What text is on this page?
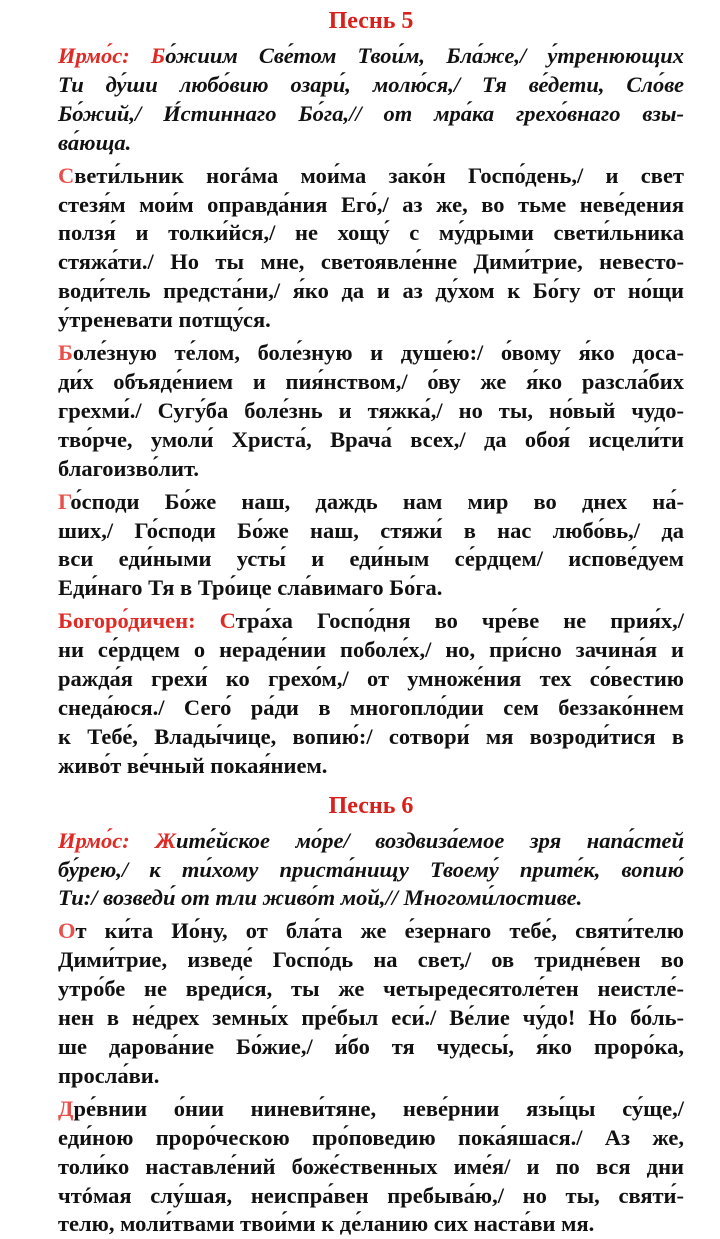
Песнь 5
Ирмо́с: Бо́жиим Све́том Твои́м, Бла́же,/ у́тренюющих
Ти ду́ши любо́вию озари́, молю́ся,/ Тя ве́дети, Сло́ве
Бо́жий,/ И́стиннаго Бо́га,// от мра́ка грехо́внаго взы-
ва́юща.
Свети́льник ногáма мои́ма зако́н Госпо́день,/ и свет
стезя́м мои́м оправда́ния Его́,/ аз же, во тьме неве́дения
ползя́ и толки́йся,/ не хощу́ с му́дрыми свети́льника
стяжа́ти./ Но ты мне, светоявле́нне Дими́трие, невесто-
води́тель предста́ни,/ я́ко да и аз ду́хом к Бо́гу от но́щи
у́треневати потщу́ся.
Боле́зную те́лом, боле́зную и душе́ю:/ о́вому я́ко доса-
ди́х объяде́нием и пия́нством,/ о́ву же я́ко разсла́бих
грехми́./ Сугу́ба боле́знь и тяжка́,/ но ты, но́вый чудо-
тво́рче, умоли́ Христа́, Врача́ всех,/ да обоя́ исцели́ти
благоизво́лит.
Го́споди Бо́же наш, даждь нам мир во днех на́-
ших,/ Го́споди Бо́же наш, стяжи́ в нас любо́вь,/ да
вси еди́ными усты́ и еди́ным се́рдцем/ испове́дуем
Еди́наго Тя в Тро́ице сла́вимаго Бо́га.
Богоро́дичен: Стра́ха Госпо́дня во чре́ве не прия́х,/
ни се́рдцем о нераде́нии поболе́х,/ но, при́сно зачина́я и
ражда́я грехи́ ко грехо́м,/ от умноже́ния тех со́вестию
снеда́юся./ Сего́ ра́ди в многопло́дии сем беззако́ннем
к Тебе́, Влады́чице, вопию́:/ сотвори́ мя возроди́тися в
живо́т ве́чный покая́нием.
Песнь 6
Ирмо́с: Жите́йское мо́ре/ воздвиза́емое зря напа́стей
бу́рею,/ к ти́хому приста́нищу Твоему́ прите́к, вопию́
Ти:/ возведи́ от тли живо́т мой,// Многоми́лостиве.
От ки́та Ио́ну, от бла́та же е́зернаго тебе́, святи́телю
Дими́трие, изведе́ Госпо́дь на свет,/ ов тридне́вен во
утро́бе не вреди́ся, ты же четыредесятоле́тен неистле́-
нен в не́дрех земны́х пре́был еси́./ Ве́лие чу́до! Но бо́ль-
ше дарова́ние Бо́жие,/ и́бо тя чудесы́, я́ко проро́ка,
просла́ви.
Дре́внии о́нии ниневи́тяне, неве́рнии язы́цы су́ще,/
еди́ною проро́ческою про́поведию пока́яшася./ Аз же,
толи́ко наставле́ний боже́ственных име́я/ и по вся дни
чтóмая слу́шая, неиспра́вен пребыва́ю,/ но ты, святи́-
телю, моли́твами твои́ми к де́ланию сих наста́ви мя.
